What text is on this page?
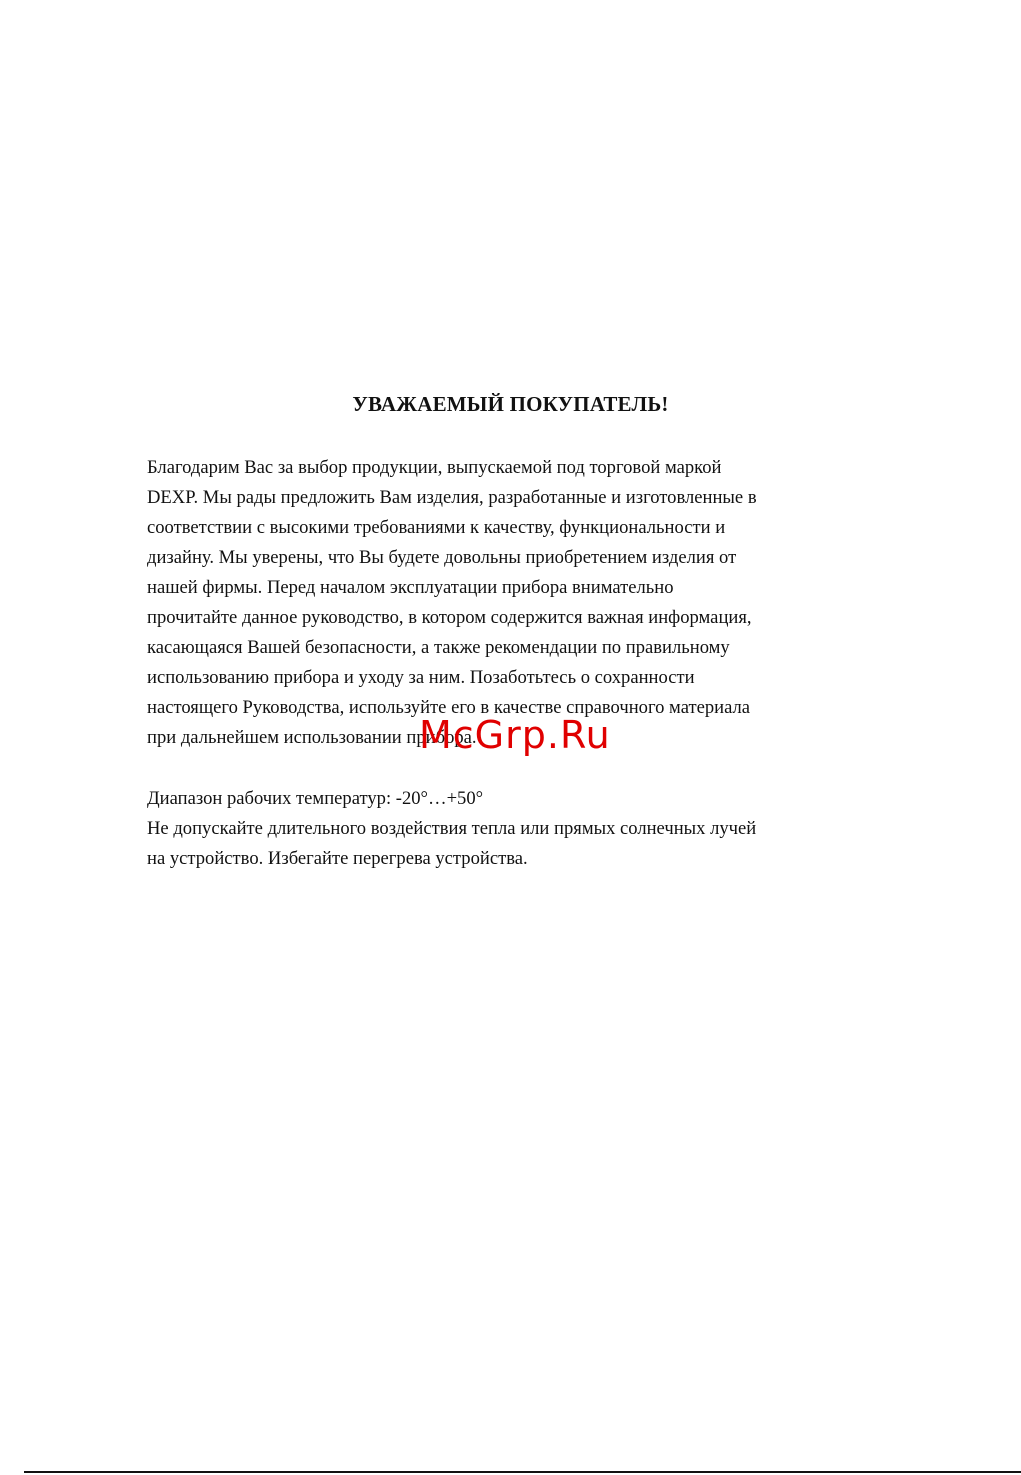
УВАЖАЕМЫЙ ПОКУПАТЕЛЬ!
Благодарим Вас за выбор продукции, выпускаемой под торговой маркой
DEXP. Мы рады предложить Вам изделия, разработанные и изготовленные в
соответствии с высокими требованиями к качеству, функциональности и
дизайну. Мы уверены, что Вы будете довольны приобретением изделия от
нашей фирмы. Перед началом эксплуатации прибора внимательно
прочитайте данное руководство, в котором содержится важная информация,
касающаяся Вашей безопасности, а также рекомендации по правильному
использованию прибора и уходу за ним. Позаботьтесь о сохранности
настоящего Руководства, используйте его в качестве справочного материала
при дальнейшем использовании прибора.
Диапазон рабочих температур: -20°…+50°
Не допускайте длительного воздействия тепла или прямых солнечных лучей
на устройство. Избегайте перегрева устройства.
McGrp.Ru
